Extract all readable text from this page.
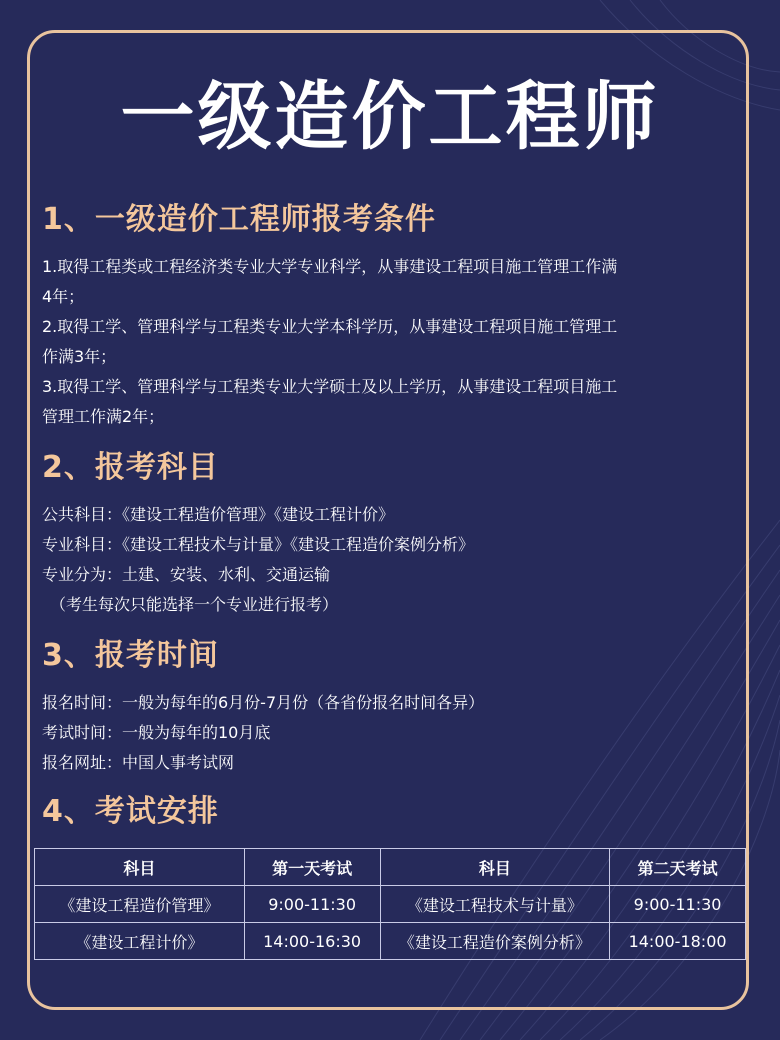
一级造价工程师
1、一级造价工程师报考条件

1.取得工程类或工程经济类专业大学专业科学，从事建设工程项目施工管理工作满

4年；

2.取得工学、管理科学与工程类专业大学本科学历，从事建设工程项目施工管理工

作满3年；

3.取得工学、管理科学与工程类专业大学硕士及以上学历，从事建设工程项目施工

管理工作满2年；

2、报考科目

公共科目：《建设工程造价管理》《建设工程计价》

专业科目：《建设工程技术与计量》《建设工程造价案例分析》

专业分为：土建、安装、水利、交通运输

（考生每次只能选择一个专业进行报考）

3、报考时间

报名时间：一般为每年的6月份-7月份（各省份报名时间各异）

考试时间：一般为每年的10月底

报名网址：中国人事考试网

4、考试安排
科目	第一天考试	科目	第二天考试
《建设工程造价管理》	9:00-11:30	《建设工程技术与计量》	9:00-11:30
《建设工程计价》	14:00-16:30	《建设工程造价案例分析》	14:00-18:00
